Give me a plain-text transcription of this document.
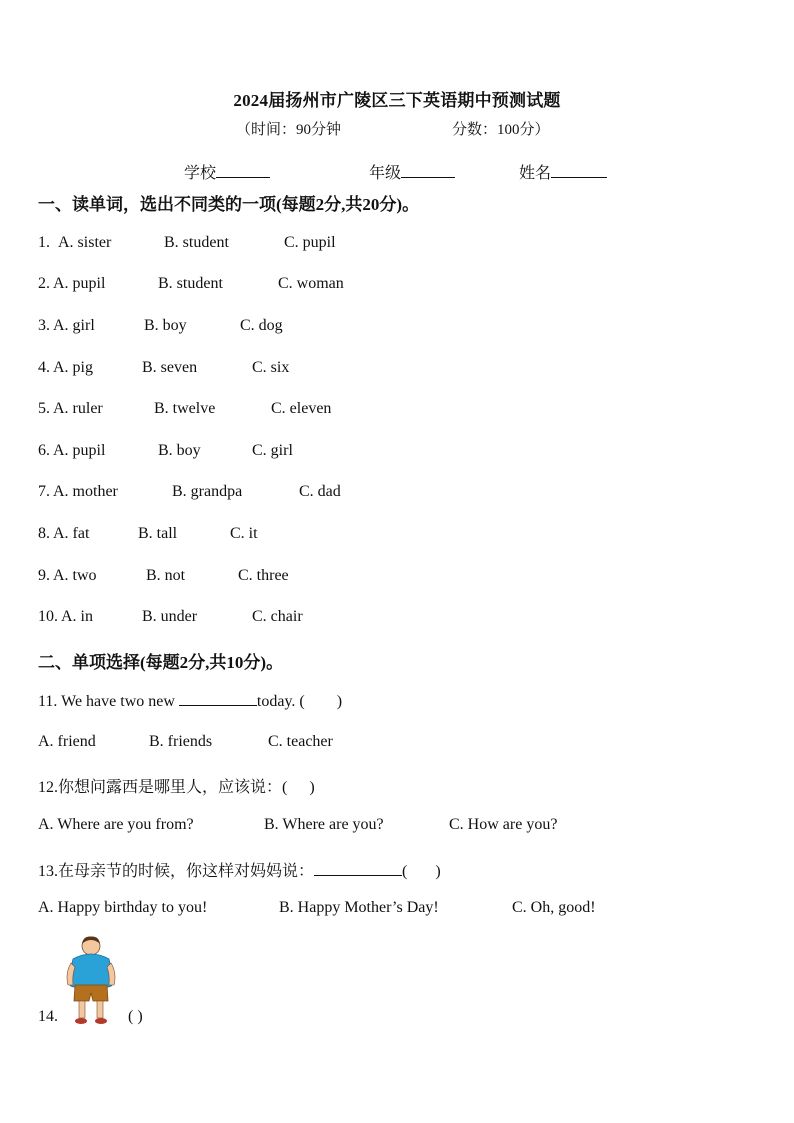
2024届扬州市广陵区三下英语期中预测试题
（时间：90分钟	分数：100分）
学校	年级	姓名
一、读单词，选出不同类的一项(每题2分,共20分)。
1. A. sister	B. student	C. pupil
2. A. pupil	B. student	C. woman
3. A. girl	B. boy	C. dog
4. A. pig	B. seven	C. six
5. A. ruler	B. twelve	C. eleven
6. A. pupil	B. boy	C. girl
7. A. mother	B. grandpa	C. dad
8. A. fat	B. tall	C. it
9. A. two	B. not	C. three
10. A. in	B. under	C. chair
二、单项选择(每题2分,共10分)。
11. We have two new	today. ( )
A. friend	B. friends	C. teacher
12.你想问露西是哪里人，应该说：( )
A. Where are you from?	B. Where are you?	C. How are you?
13.在母亲节的时候，你这样对妈妈说：	( )
A. Happy birthday to you!	B. Happy Mother’s Day!	C. Oh, good!
14.	( )
